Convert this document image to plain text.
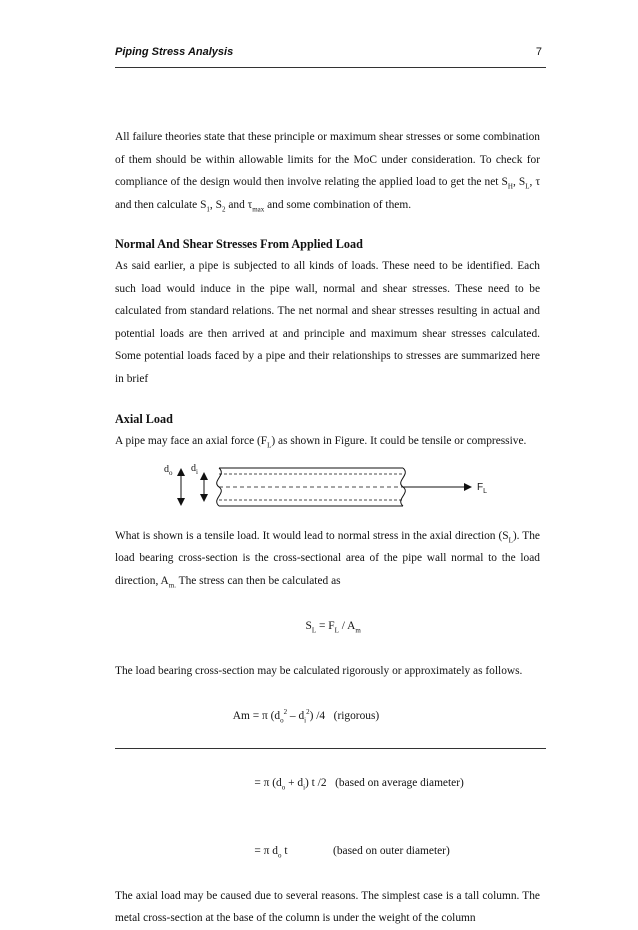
Piping Stress Analysis	7

All failure theories state that these principle or maximum shear stresses or some combination of them should be within allowable limits for the MoC under consideration. To check for compliance of the design would then involve relating the applied load to get the net $S_H$, $S_L$, τ and then calculate $S_1$, $S_2$ and $\tau_{max}$ and some combination of them.

Normal And Shear Stresses From Applied Load

As said earlier, a pipe is subjected to all kinds of loads. These need to be identified. Each such load would induce in the pipe wall, normal and shear stresses. These need to be calculated from standard relations. The net normal and shear stresses resulting in actual and potential loads are then arrived at and principle and maximum shear stresses calculated. Some potential loads faced by a pipe and their relationships to stresses are summarized here in brief

Axial Load

A pipe may face an axial force $(F_L)$ as shown in Figure. It could be tensile or compressive.

$d_o$ $d_i$
$F_L$

What is shown is a tensile load. It would lead to normal stress in the axial direction $(S_L)$. The load bearing cross-section is the cross-sectional area of the pipe wall normal to the load direction, $A_{m.}$ The stress can then be calculated as

$S_L = F_L / A_m$

The load bearing cross-section may be calculated rigorously or approximately as follows.

Am = π $(d_o^2 - d_i^2)$ /4   (rigorous)

= π $(d_o + d_i)$ t /2   (based on average diameter)

= π $d_o$ t                (based on outer diameter)

The axial load may be caused due to several reasons. The simplest case is a tall column. The metal cross-section at the base of the column is under the weight of the column
